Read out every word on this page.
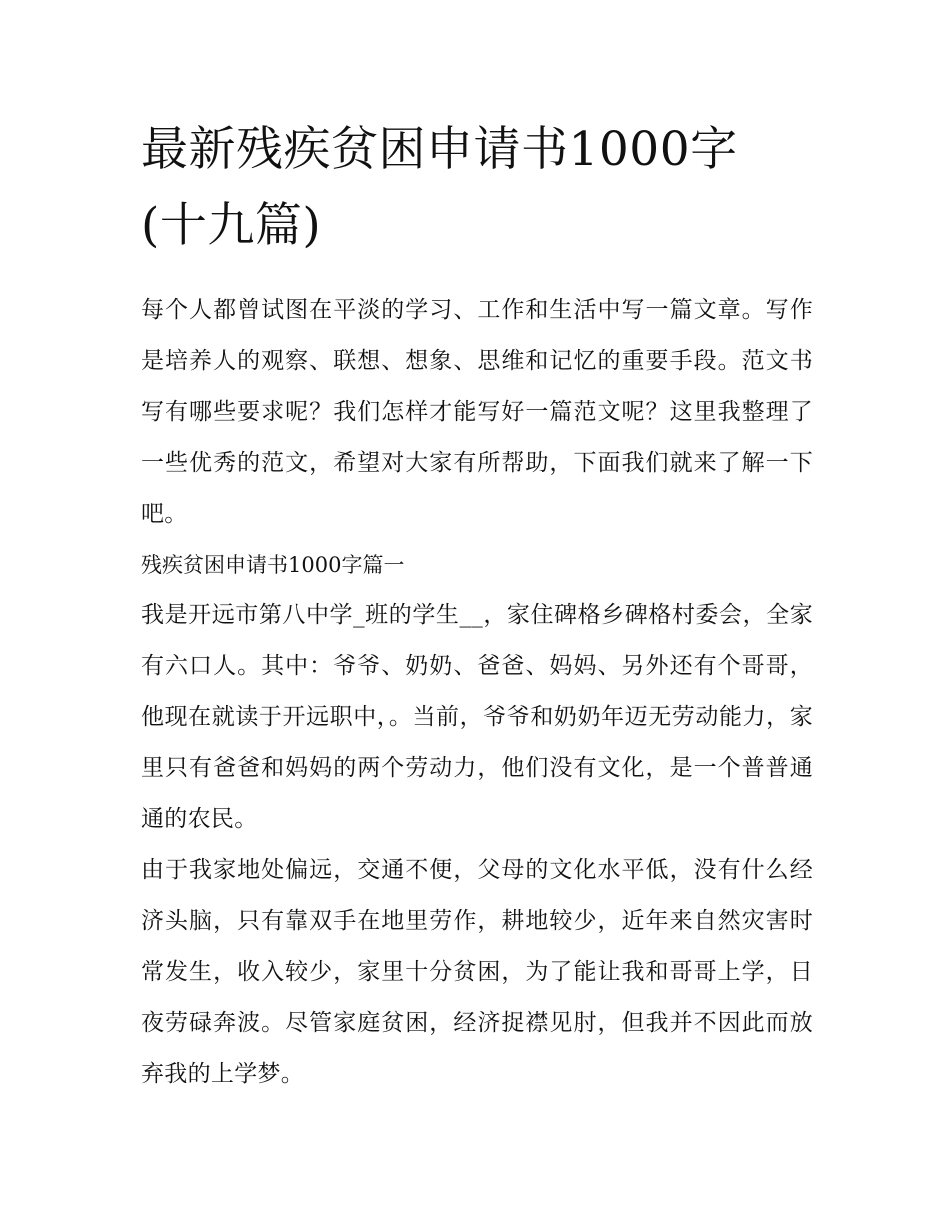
最新残疾贫困申请书1000字
(十九篇)

每个人都曾试图在平淡的学习、工作和生活中写一篇文章。写作是培养人的观察、联想、想象、思维和记忆的重要手段。范文书写有哪些要求呢？我们怎样才能写好一篇范文呢？这里我整理了一些优秀的范文，希望对大家有所帮助，下面我们就来了解一下吧。

残疾贫困申请书1000字篇一

我是开远市第八中学_班的学生__，家住碑格乡碑格村委会，全家有六口人。其中：爷爷、奶奶、爸爸、妈妈、另外还有个哥哥，他现在就读于开远职中，。当前，爷爷和奶奶年迈无劳动能力，家里只有爸爸和妈妈的两个劳动力，他们没有文化，是一个普普通通的农民。

由于我家地处偏远，交通不便，父母的文化水平低，没有什么经济头脑，只有靠双手在地里劳作，耕地较少，近年来自然灾害时常发生，收入较少，家里十分贫困，为了能让我和哥哥上学，日夜劳碌奔波。尽管家庭贫困，经济捉襟见肘，但我并不因此而放弃我的上学梦。
